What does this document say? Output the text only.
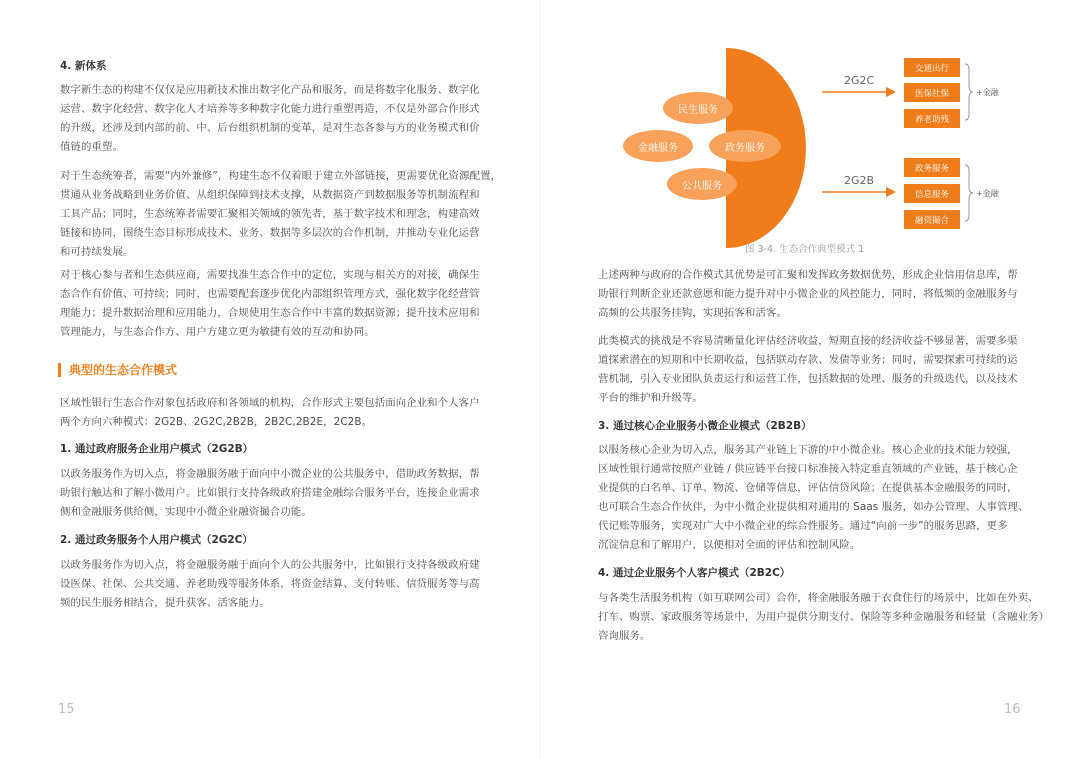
4. 新体系

数字新生态的构建不仅仅是应用新技术推出数字化产品和服务，而是将数字化服务、数字化

运营、数字化经营、数字化人才培养等多种数字化能力进行重塑再造，不仅是外部合作形式

的升级，还涉及到内部的前、中、后台组织机制的变革，是对生态各参与方的业务模式和价

值链的重塑。

对于生态统筹者，需要“内外兼修”，构建生态不仅着眼于建立外部链接，更需要优化资源配置，

贯通从业务战略到业务价值、从组织保障到技术支撑，从数据资产到数据服务等机制流程和

工具产品；同时，生态统筹者需要汇聚相关领域的领先者，基于数字技术和理念，构建高效

链接和协同，围绕生态目标形成技术、业务、数据等多层次的合作机制，并推动专业化运营

和可持续发展。

对于核心参与者和生态供应商，需要找准生态合作中的定位，实现与相关方的对接，确保生

态合作有价值、可持续；同时，也需要配套逐步优化内部组织管理方式，强化数字化经营管

理能力；提升数据治理和应用能力，合规使用生态合作中丰富的数据资源；提升技术应用和

管理能力，与生态合作方、用户方建立更为敏捷有效的互动和协同。

典型的生态合作模式

区域性银行生态合作对象包括政府和各领域的机构，合作形式主要包括面向企业和个人客户

两个方向六种模式：2G2B、2G2C,2B2B，2B2C,2B2E，2C2B。

1. 通过政府服务企业用户模式（2G2B）

以政务服务作为切入点，将金融服务融于面向中小微企业的公共服务中，借助政务数据，帮

助银行触达和了解小微用户。比如银行支持各级政府搭建金融综合服务平台，连接企业需求

侧和金融服务供给侧，实现中小微企业融资撮合功能。

2. 通过政务服务个人用户模式（2G2C）

以政务服务作为切入点，将金融服务融于面向个人的公共服务中，比如银行支持各级政府建

设医保、社保、公共交通、养老助残等服务体系，将资金结算、支付转账、信贷服务等与高

频的民生服务相结合，提升获客、活客能力。

15
民生服务
金融服务	政务服务
公共服务
2G2C
2G2B
交通出行
医保社保
养老助残
政务服务
信息服务
融资撮合
+金融
+金融
图 3-4. 生态合作典型模式 1

上述两种与政府的合作模式其优势是可汇聚和发挥政务数据优势，形成企业信用信息库，帮

助银行判断企业还款意愿和能力提升对中小微企业的风控能力，同时，将低频的金融服务与

高频的公共服务挂钩，实现拓客和活客。

此类模式的挑战是不容易清晰量化评估经济收益，短期直接的经济收益不够显著，需要多渠

道探索潜在的短期和中长期收益，包括联动存款、发债等业务；同时，需要探索可持续的运

营机制，引入专业团队负责运行和运营工作，包括数据的处理、服务的升级迭代，以及技术

平台的维护和升级等。

3. 通过核心企业服务小微企业模式（2B2B）

以服务核心企业为切入点，服务其产业链上下游的中小微企业。核心企业的技术能力较强，

区域性银行通常按照产业链 / 供应链平台接口标准接入特定垂直领域的产业链，基于核心企

业提供的白名单、订单、物流、仓储等信息，评估信贷风险；在提供基本金融服务的同时，

也可联合生态合作伙伴，为中小微企业提供相对通用的 Saas 服务，如办公管理、人事管理、

代记账等服务，实现对广大中小微企业的综合性服务。通过“向前一步”的服务思路，更多

沉淀信息和了解用户，以便相对全面的评估和控制风险。

4. 通过企业服务个人客户模式（2B2C）

与各类生活服务机构（如互联网公司）合作，将金融服务融于衣食住行的场景中，比如在外卖、

打车、购票、家政服务等场景中，为用户提供分期支付、保险等多种金融服务和轻量（含融业务）

咨询服务。

16
